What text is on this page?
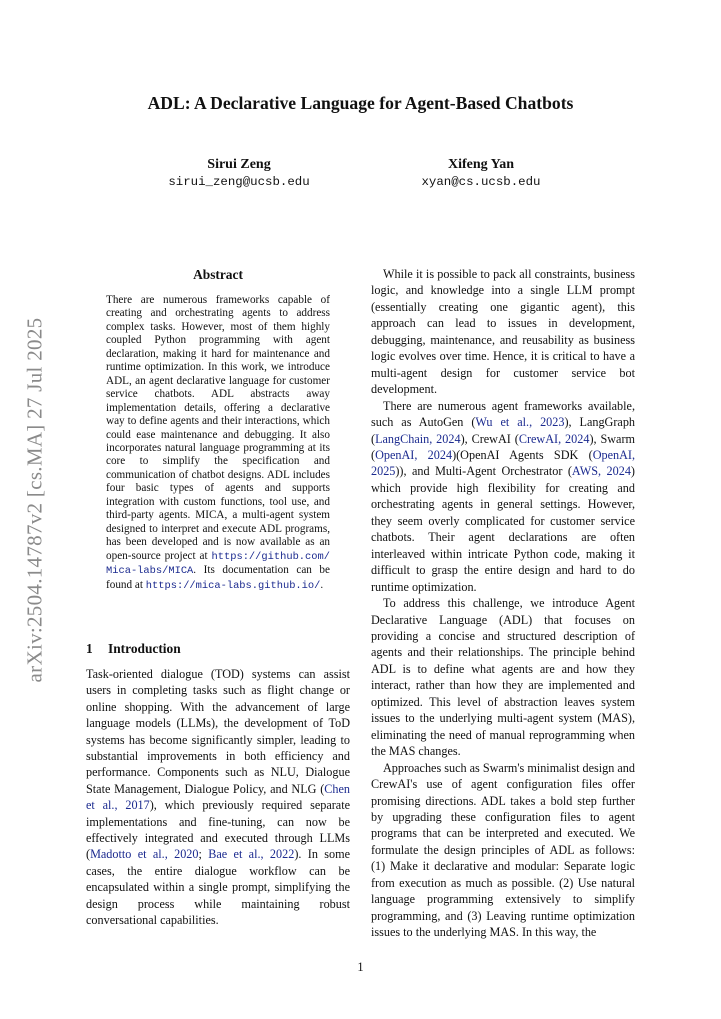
arXiv:2504.14787v2 [cs.MA] 27 Jul 2025
ADL: A Declarative Language for Agent-Based Chatbots
Sirui Zeng
sirui_zeng@ucsb.edu
Xifeng Yan
xyan@cs.ucsb.edu
Abstract

There are numerous frameworks capable of creating and orchestrating agents to address complex tasks. However, most of them highly coupled Python programming with agent declaration, making it hard for maintenance and runtime optimization. In this work, we introduce ADL, an agent declarative language for customer service chatbots. ADL abstracts away implementation details, offering a declarative way to define agents and their interactions, which could ease maintenance and debugging. It also incorporates natural language programming at its core to simplify the specification and communication of chatbot designs. ADL includes four basic types of agents and supports integration with custom functions, tool use, and third-party agents. MICA, a multi-agent system designed to interpret and execute ADL programs, has been developed and is now available as an open-source project at https://github.com/Mica-labs/MICA. Its documentation can be found at https://mica-labs.github.io/.

1 Introduction

Task-oriented dialogue (TOD) systems can assist users in completing tasks such as flight change or online shopping. With the advancement of large language models (LLMs), the development of ToD systems has become significantly simpler, leading to substantial improvements in both efficiency and performance. Components such as NLU, Dialogue State Management, Dialogue Policy, and NLG (Chen et al., 2017), which previously required separate implementations and fine-tuning, can now be effectively integrated and executed through LLMs (Madotto et al., 2020; Bae et al., 2022). In some cases, the entire dialogue workflow can be encapsulated within a single prompt, simplifying the design process while maintaining robust conversational capabilities.

While it is possible to pack all constraints, business logic, and knowledge into a single LLM prompt (essentially creating one gigantic agent), this approach can lead to issues in development, debugging, maintenance, and reusability as business logic evolves over time. Hence, it is critical to have a multi-agent design for customer service bot development.

There are numerous agent frameworks available, such as AutoGen (Wu et al., 2023), LangGraph (LangChain, 2024), CrewAI (CrewAI, 2024), Swarm (OpenAI, 2024)(OpenAI Agents SDK (OpenAI, 2025)), and Multi-Agent Orchestrator (AWS, 2024) which provide high flexibility for creating and orchestrating agents in general settings. However, they seem overly complicated for customer service chatbots. Their agent declarations are often interleaved within intricate Python code, making it difficult to grasp the entire design and hard to do runtime optimization.

To address this challenge, we introduce Agent Declarative Language (ADL) that focuses on providing a concise and structured description of agents and their relationships. The principle behind ADL is to define what agents are and how they interact, rather than how they are implemented and optimized. This level of abstraction leaves system issues to the underlying multi-agent system (MAS), eliminating the need of manual reprogramming when the MAS changes.

Approaches such as Swarm's minimalist design and CrewAI's use of agent configuration files offer promising directions. ADL takes a bold step further by upgrading these configuration files to agent programs that can be interpreted and executed. We formulate the design principles of ADL as follows: (1) Make it declarative and modular: Separate logic from execution as much as possible. (2) Use natural language programming extensively to simplify programming, and (3) Leaving runtime optimization issues to the underlying MAS. In this way, the

1
